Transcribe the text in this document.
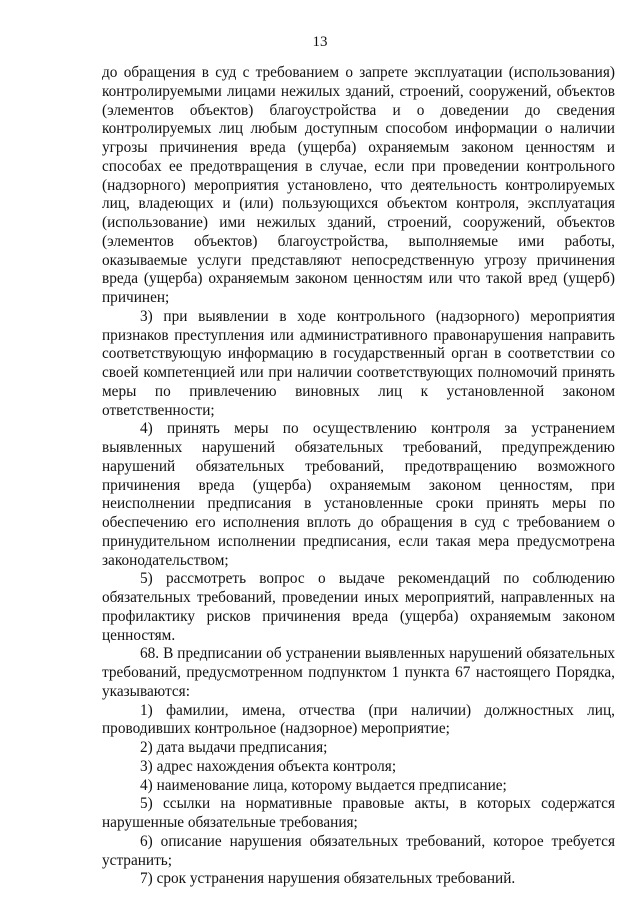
13

до обращения в суд с требованием о запрете эксплуатации (использования) контролируемыми лицами нежилых зданий, строений, сооружений, объектов (элементов объектов) благоустройства и о доведении до сведения контролируемых лиц любым доступным способом информации о наличии угрозы причинения вреда (ущерба) охраняемым законом ценностям и способах ее предотвращения в случае, если при проведении контрольного (надзорного) мероприятия установлено, что деятельность контролируемых лиц, владеющих и (или) пользующихся объектом контроля, эксплуатация (использование) ими нежилых зданий, строений, сооружений, объектов (элементов объектов) благоустройства, выполняемые ими работы, оказываемые услуги представляют непосредственную угрозу причинения вреда (ущерба) охраняемым законом ценностям или что такой вред (ущерб) причинен;

3) при выявлении в ходе контрольного (надзорного) мероприятия признаков преступления или административного правонарушения направить соответствующую информацию в государственный орган в соответствии со своей компетенцией или при наличии соответствующих полномочий принять меры по привлечению виновных лиц к установленной законом ответственности;

4) принять меры по осуществлению контроля за устранением выявленных нарушений обязательных требований, предупреждению нарушений обязательных требований, предотвращению возможного причинения вреда (ущерба) охраняемым законом ценностям, при неисполнении предписания в установленные сроки принять меры по обеспечению его исполнения вплоть до обращения в суд с требованием о принудительном исполнении предписания, если такая мера предусмотрена законодательством;

5) рассмотреть вопрос о выдаче рекомендаций по соблюдению обязательных требований, проведении иных мероприятий, направленных на профилактику рисков причинения вреда (ущерба) охраняемым законом ценностям.

68. В предписании об устранении выявленных нарушений обязательных требований, предусмотренном подпунктом 1 пункта 67 настоящего Порядка, указываются:

1) фамилии, имена, отчества (при наличии) должностных лиц, проводивших контрольное (надзорное) мероприятие;

2) дата выдачи предписания;

3) адрес нахождения объекта контроля;

4) наименование лица, которому выдается предписание;

5) ссылки на нормативные правовые акты, в которых содержатся нарушенные обязательные требования;

6) описание нарушения обязательных требований, которое требуется устранить;

7) срок устранения нарушения обязательных требований.
